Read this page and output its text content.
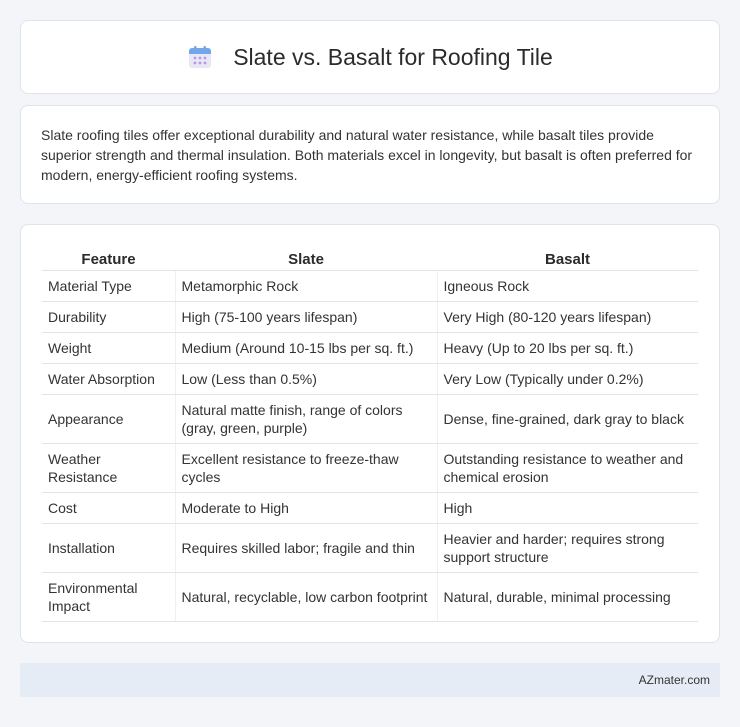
Slate vs. Basalt for Roofing Tile

Slate roofing tiles offer exceptional durability and natural water resistance, while basalt tiles provide superior strength and thermal insulation. Both materials excel in longevity, but basalt is often preferred for modern, energy-efficient roofing systems.

Feature	Slate	Basalt
Material Type	Metamorphic Rock	Igneous Rock
Durability	High (75-100 years lifespan)	Very High (80-120 years lifespan)
Weight	Medium (Around 10-15 lbs per sq. ft.)	Heavy (Up to 20 lbs per sq. ft.)
Water Absorption	Low (Less than 0.5%)	Very Low (Typically under 0.2%)
Appearance	Natural matte finish, range of colors (gray, green, purple)	Dense, fine-grained, dark gray to black
Weather Resistance	Excellent resistance to freeze-thaw cycles	Outstanding resistance to weather and chemical erosion
Cost	Moderate to High	High
Installation	Requires skilled labor; fragile and thin	Heavier and harder; requires strong support structure
Environmental Impact	Natural, recyclable, low carbon footprint	Natural, durable, minimal processing
AZmater.com
